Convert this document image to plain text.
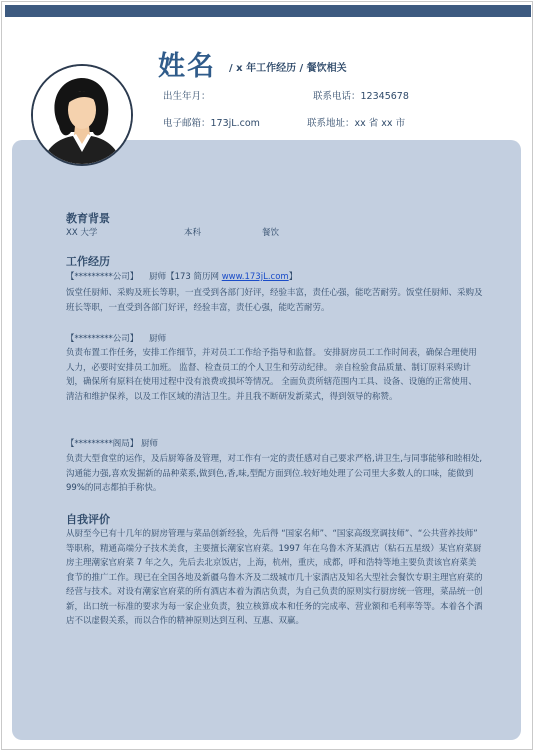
姓名 / x 年工作经历 / 餐饮相关
出生年月：	联系电话：12345678
电子邮箱：173jL.com	联系地址：xx 省 xx 市
教育背景
XX 大学	本科	餐饮
工作经历
【*********公司】 厨师【173 简历网 www.173jL.com】

饭堂任厨师、采购及班长等职，一直受到各部门好评，经验丰富，责任心强，能吃苦耐劳。饭堂任厨师、采购及班长等职，一直受到各部门好评，经验丰富，责任心强，能吃苦耐劳。

【*********公司】 厨师

负责布置工作任务，安排工作细节，并对员工工作给予指导和监督。 安排厨房员工工作时间表，确保合理使用人力，必要时安排员工加班。 监督、检查员工的个人卫生和劳动纪律。 亲自检验食品质量、制订原料采购计划，确保所有原料在使用过程中没有浪费或损坏等情况。 全面负责所辖范围内工具、设备、设施的正常使用、清洁和维护保养，以及工作区域的清洁卫生。并且我不断研发新菜式，得到领导的称赞。

【*********阁局】 厨师

负责大型食堂的运作，及后厨筹备及管理，对工作有一定的责任感对自己要求严格,讲卫生,与同事能够和睦相处,沟通能力强,喜欢发掘新的品种菜系,做到色,香,味,型配方面到位.较好地处理了公司里大多数人的口味，能做到 99%的同志都拍手称快。

自我评价

从厨至今已有十几年的厨房管理与菜品创新经验，先后得 “国家名师”、“国家高级烹调技师”、“公共营养技师” 等职称，精通高端分子技术美食，主要擅长潮家官府菜。1997 年在乌鲁木齐某酒店（粘石五星级）某官府菜厨房主理潮家官府菜 7 年之久，先后去北京饭店，上海，杭州，重庆，成都，呼和浩特等地主要负责该官府菜美食节的推广工作。现已在全国各地及新疆乌鲁木齐及二级城市几十家酒店及知名大型社会餐饮专职主理官府菜的经营与技术。对设有潮家官府菜的所有酒店本着为酒店负责，为自己负责的原则实行厨房统一管理，菜品统一创新，出口统一标准的要求为每一家企业负责，独立核算成本和任务的完成率、营业额和毛利率等等。本着各个酒店不以虚假关系，而以合作的精神原则达到互利、互惠、双赢。
